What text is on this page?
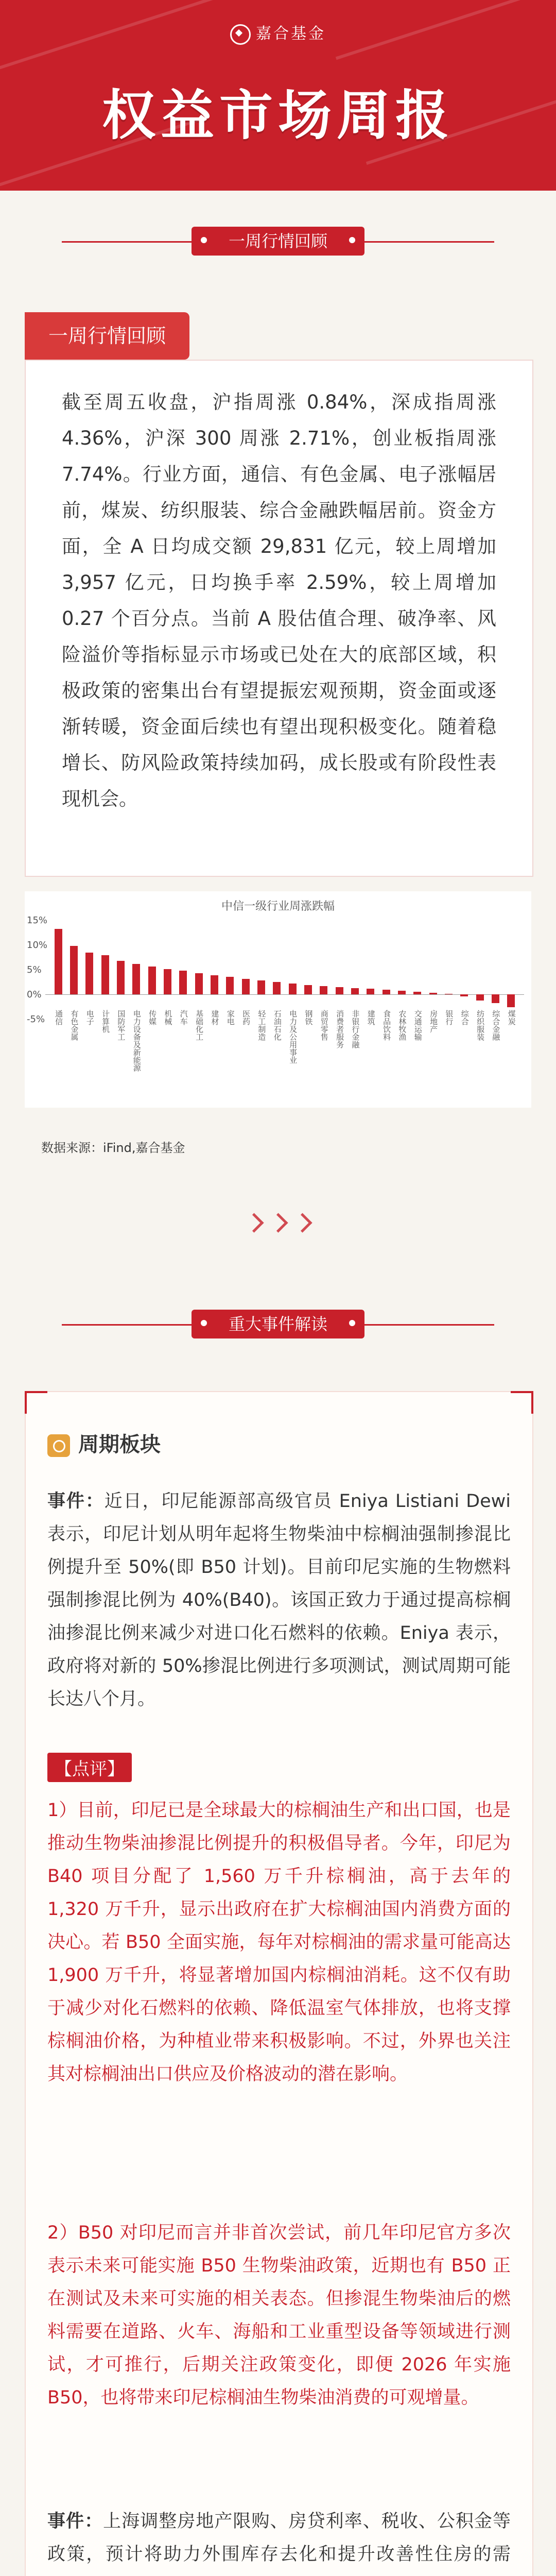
嘉合基金
权益市场周报
一周行情回顾
一周行情回顾

截至周五收盘，沪指周涨 0.84%，深成指周涨 4.36%，沪深 300 周涨 2.71%，创业板指周涨 7.74%。行业方面，通信、有色金属、电子涨幅居前，煤炭、纺织服装、综合金融跌幅居前。资金方面，全 A 日均成交额 29,831 亿元，较上周增加 3,957 亿元，日均换手率 2.59%，较上周增加0.27 个百分点。当前 A 股估值合理、破净率、风险溢价等指标显示市场或已处在大的底部区域，积极政策的密集出台有望提振宏观预期，资金面或逐渐转暖，资金面后续也有望出现积极变化。随着稳增长、防风险政策持续加码，成长股或有阶段性表现机会。

中信一级行业周涨跌幅
15%
10%
5%
0%
-5% 通信 有色金属 电子 计算机 国防军工 电力设备及新能源 传媒 机械 汽车 基础化工 建材 家电 医药 轻工制造 石油石化 电力及公用事业 钢铁 商贸零售 消费者服务 非银行金融 建筑 食品饮料 农林牧渔 交通运输 房地产 银行 综合 纺织服装 综合金融 煤炭
数据来源：iFind,嘉合基金
重大事件解读
周期板块
事件：近日，印尼能源部高级官员 Eniya Listiani Dewi 表示，印尼计划从明年起将生物柴油中棕榈油强制掺混比例提升至 50%(即 B50 计划)。目前印尼实施的生物燃料强制掺混比例为 40%(B40)。该国正致力于通过提高棕榈油掺混比例来减少对进口化石燃料的依赖。Eniya 表示，政府将对新的 50%掺混比例进行多项测试，测试周期可能长达八个月。
【点评】
1）目前，印尼已是全球最大的棕榈油生产和出口国，也是推动生物柴油掺混比例提升的积极倡导者。今年，印尼为 B40 项目分配了 1,560 万千升棕榈油，高于去年的 1,320 万千升，显示出政府在扩大棕榈油国内消费方面的决心。若 B50 全面实施，每年对棕榈油的需求量可能高达 1,900 万千升，将显著增加国内棕榈油消耗。这不仅有助于减少对化石燃料的依赖、降低温室气体排放，也将支撑棕榈油价格，为种植业带来积极影响。不过，外界也关注其对棕榈油出口供应及价格波动的潜在影响。
2）B50 对印尼而言并非首次尝试，前几年印尼官方多次表示未来可能实施 B50 生物柴油政策，近期也有 B50 正在测试及未来可实施的相关表态。但掺混生物柴油后的燃料需要在道路、火车、海船和工业重型设备等领域进行测试，才可推行，后期关注政策变化，即便 2026 年实施 B50，也将带来印尼棕榈油生物柴油消费的可观增量。
事件：上海调整房地产限购、房贷利率、税收、公积金等政策，预计将助力外围库存去化和提升改善性住房的需
